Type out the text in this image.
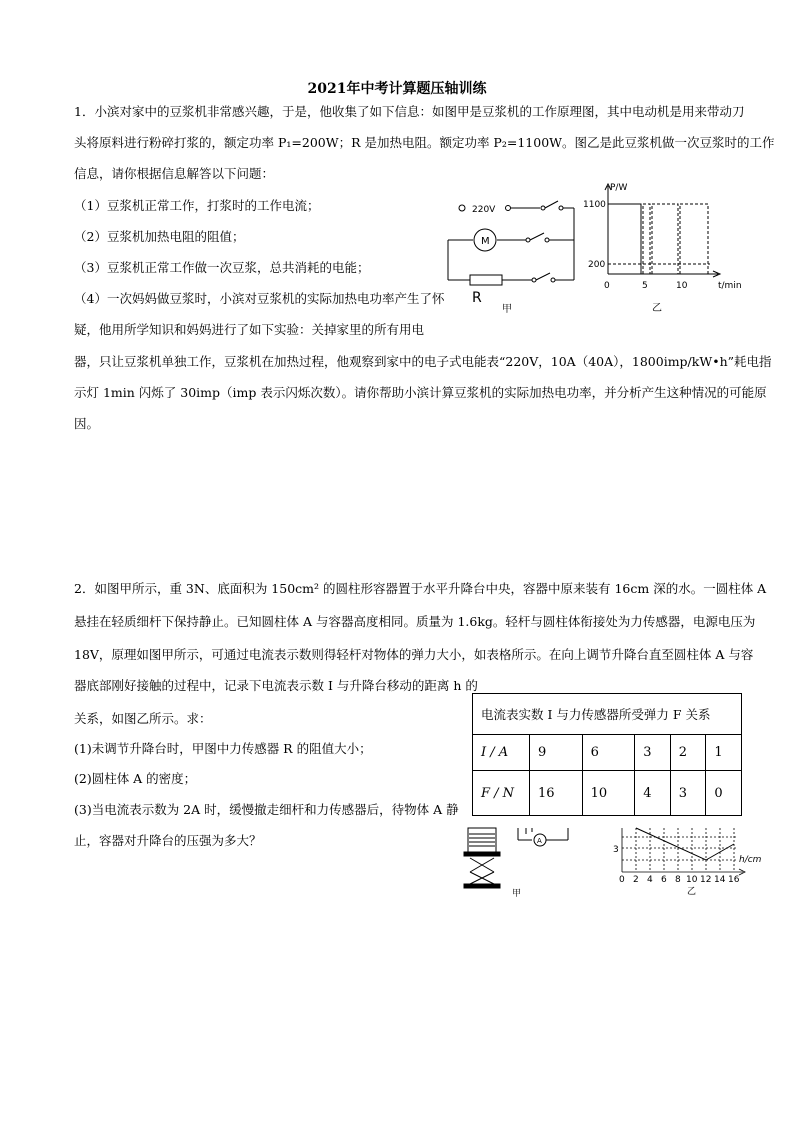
2021年中考计算题压轴训练
1．小滨对家中的豆浆机非常感兴趣，于是，他收集了如下信息：如图甲是豆浆机的工作原理图，其中电动机是用来带动刀
头将原料进行粉碎打浆的，额定功率 P₁=200W；R 是加热电阻。额定功率 P₂=1100W。图乙是此豆浆机做一次豆浆时的工作
信息，请你根据信息解答以下问题：
（1）豆浆机正常工作，打浆时的工作电流；
（2）豆浆机加热电阻的阻值；
（3）豆浆机正常工作做一次豆浆，总共消耗的电能；
（4）一次妈妈做豆浆时，小滨对豆浆机的实际加热电功率产生了怀
疑，他用所学知识和妈妈进行了如下实验：关掉家里的所有用电
器，只让豆浆机单独工作，豆浆机在加热过程，他观察到家中的电子式电能表“220V，10A（40A），1800imp/kW•h”耗电指
示灯 1min 闪烁了 30imp（imp 表示闪烁次数）。请你帮助小滨计算豆浆机的实际加热电功率，并分析产生这种情况的可能原
因。
220V
M
R
甲
P/W
1100
200
0	5	10	t/min
乙
2．如图甲所示，重 3N、底面积为 150cm² 的圆柱形容器置于水平升降台中央，容器中原来装有 16cm 深的水。一圆柱体 A
悬挂在轻质细杆下保持静止。已知圆柱体 A 与容器高度相同。质量为 1.6kg。轻杆与圆柱体衔接处为力传感器，电源电压为
18V，原理如图甲所示，可通过电流表示数则得轻杆对物体的弹力大小，如表格所示。在向上调节升降台直至圆柱体 A 与容
器底部刚好接触的过程中，记录下电流表示数 I 与升降台移动的距离 h 的
关系，如图乙所示。求：
(1)未调节升降台时，甲图中力传感器 R 的阻值大小；
(2)圆柱体 A 的密度；
(3)当电流表示数为 2A 时，缓慢撤走细杆和力传感器后，待物体 A 静
止，容器对升降台的压强为多大？
电流表实数 I 与力传感器所受弹力 F 关系					
I / A	9	6	3	2	1
F / N	16	10	4	3	0
A
甲
3
h/cm
0 2 4 6 8 10 12 14 16
乙
